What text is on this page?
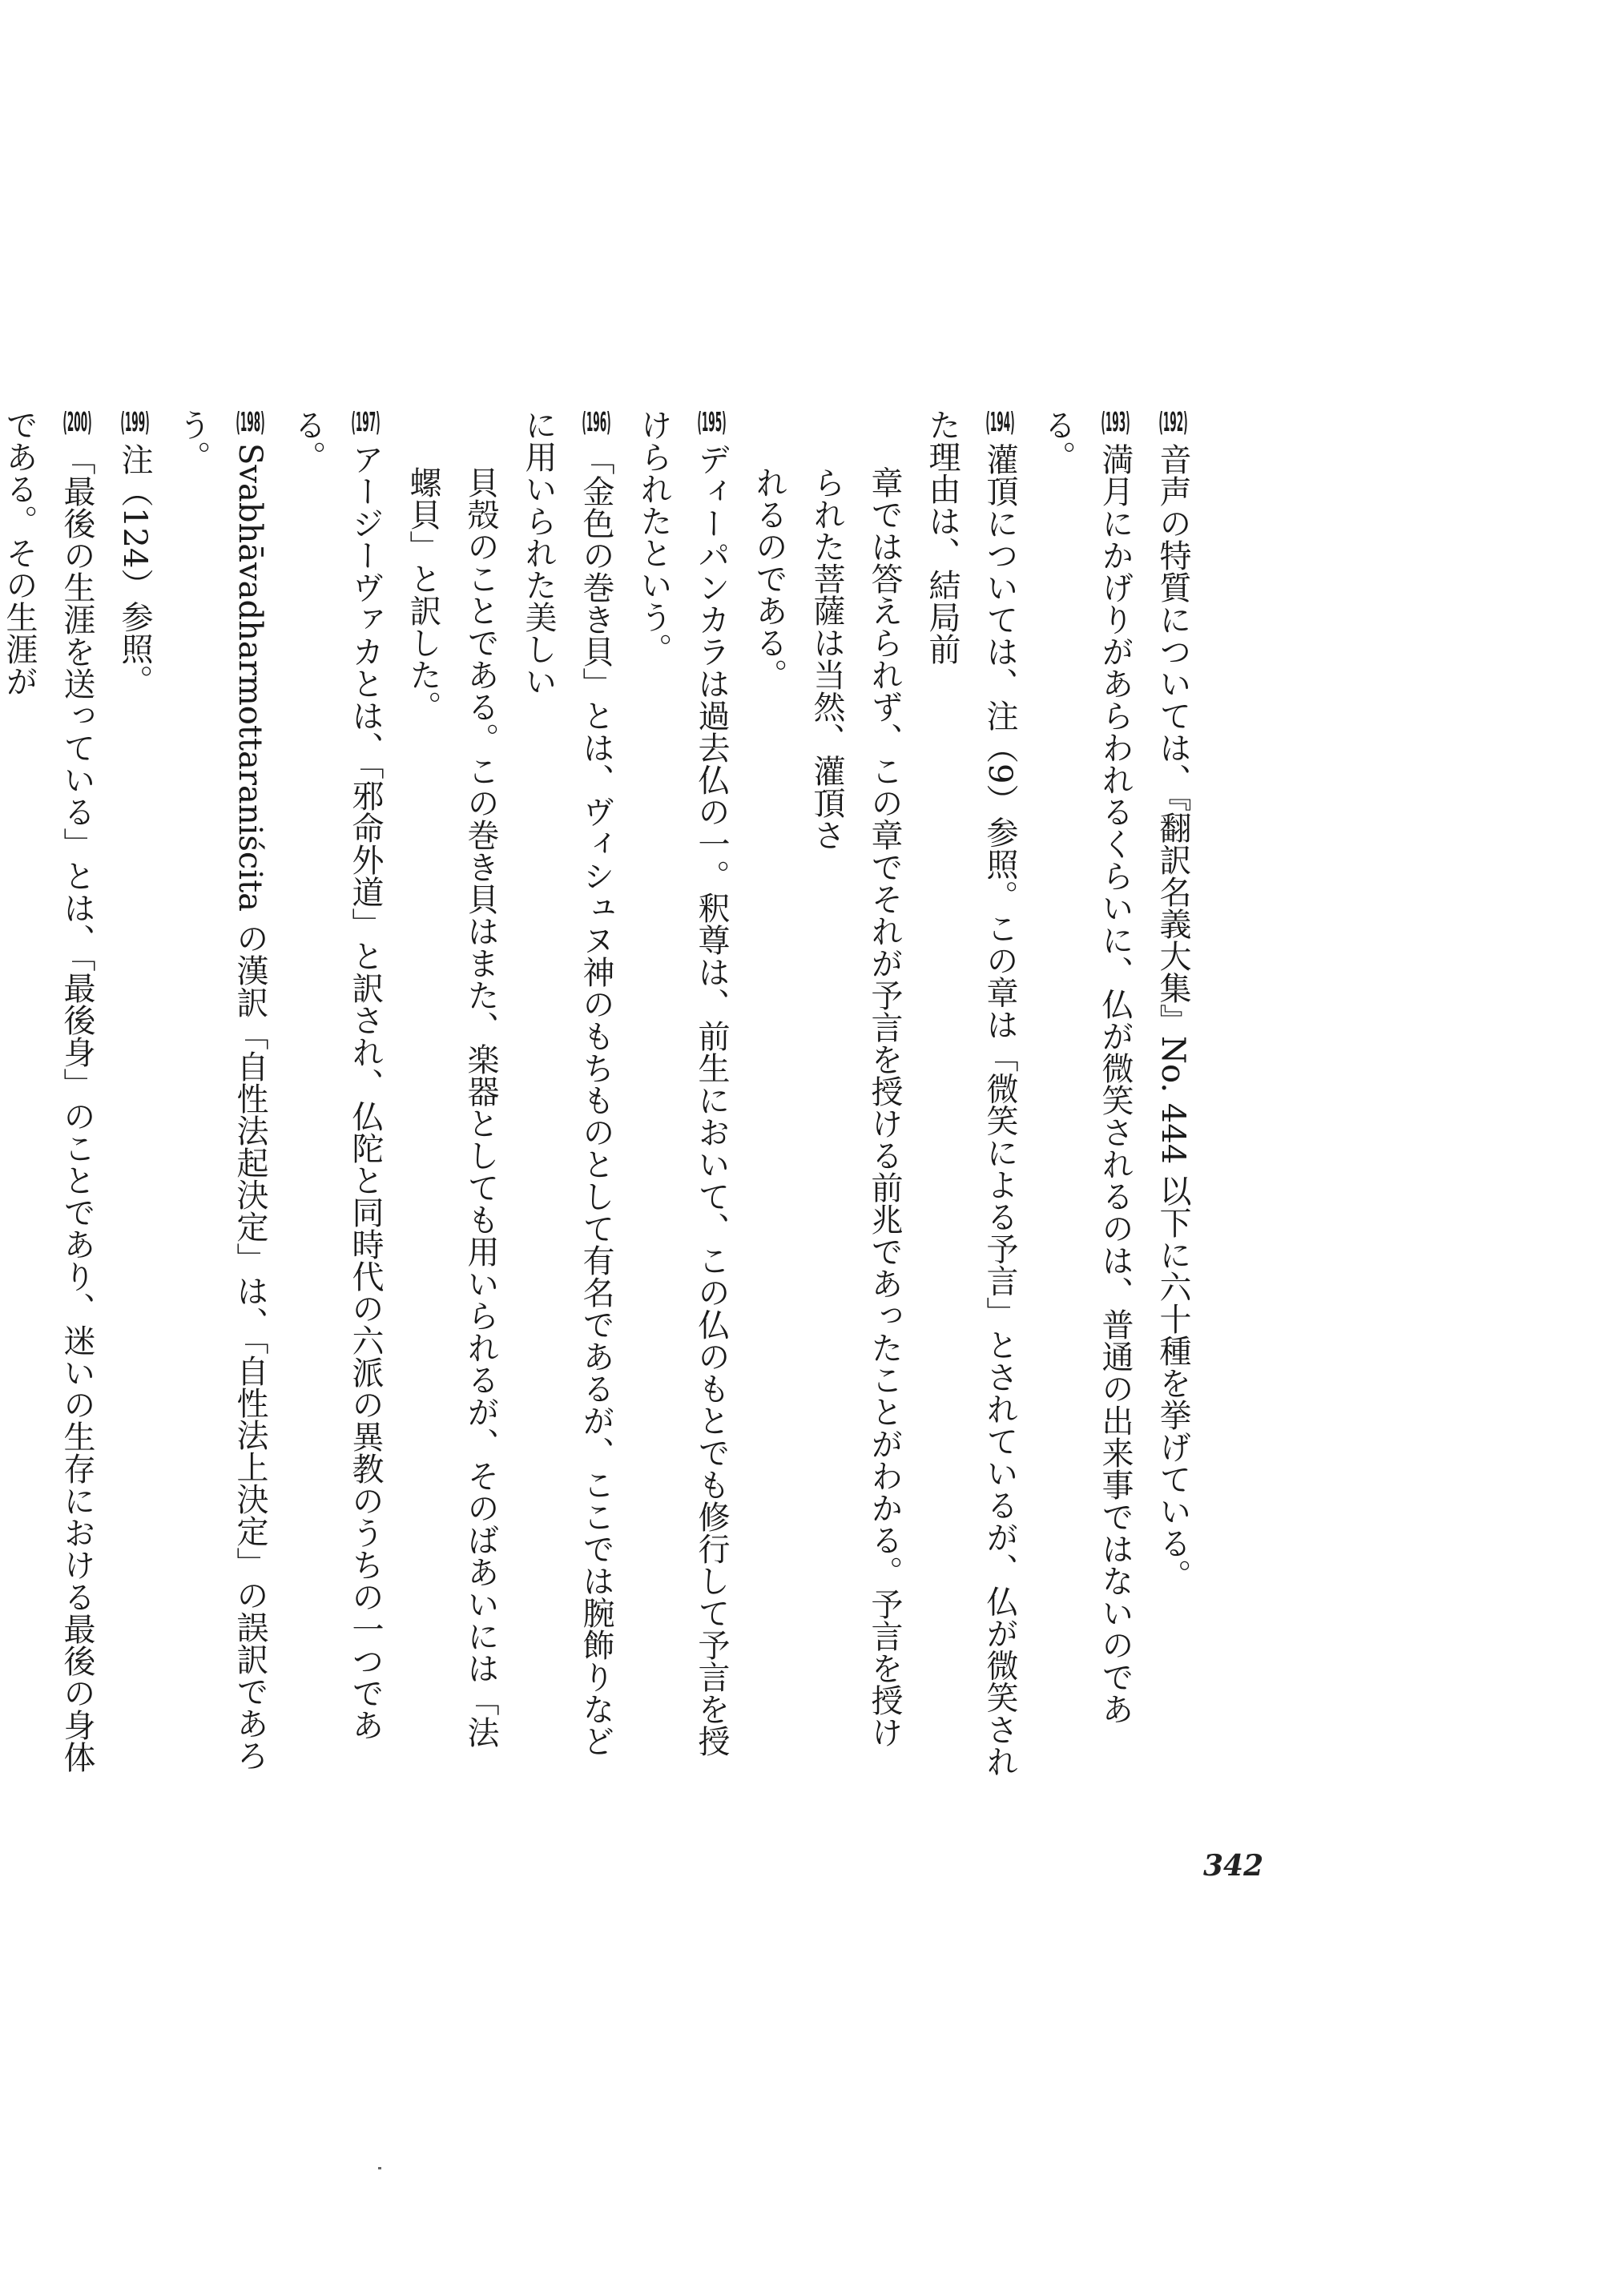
(192)音声の特質については、『翻訳名義大集』No. 444 以下に六十種を挙げている。

(193)満月にかげりがあらわれるくらいに、仏が微笑されるのは、普通の出来事ではないのである。

(194)灌頂については、注（9）参照。この章は「微笑による予言」とされているが、仏が微笑された理由は、結局前
章では答えられず、この章でそれが予言を授ける前兆であったことがわかる。予言を授けられた菩薩は当然、灌頂さ
れるのである。

(195)ディーパンカラは過去仏の一。釈尊は、前生において、この仏のもとでも修行して予言を授けられたという。

(196)「金色の巻き貝」とは、ヴィシュヌ神のもちものとして有名であるが、ここでは腕飾りなどに用いられた美しい
貝殻のことである。この巻き貝はまた、楽器としても用いられるが、そのばあいには「法螺貝」と訳した。

(197)アージーヴァカとは、「邪命外道」と訳され、仏陀と同時代の六派の異教のうちの一つである。

(198)Svabhāvadharmottaraniścita の漢訳「自性法起決定」は、「自性法上決定」の誤訳であろう。

(199)注（124）参照。

(200)「最後の生涯を送っている」とは、「最後身」のことであり、迷いの生存における最後の身体である。その生涯が

342
